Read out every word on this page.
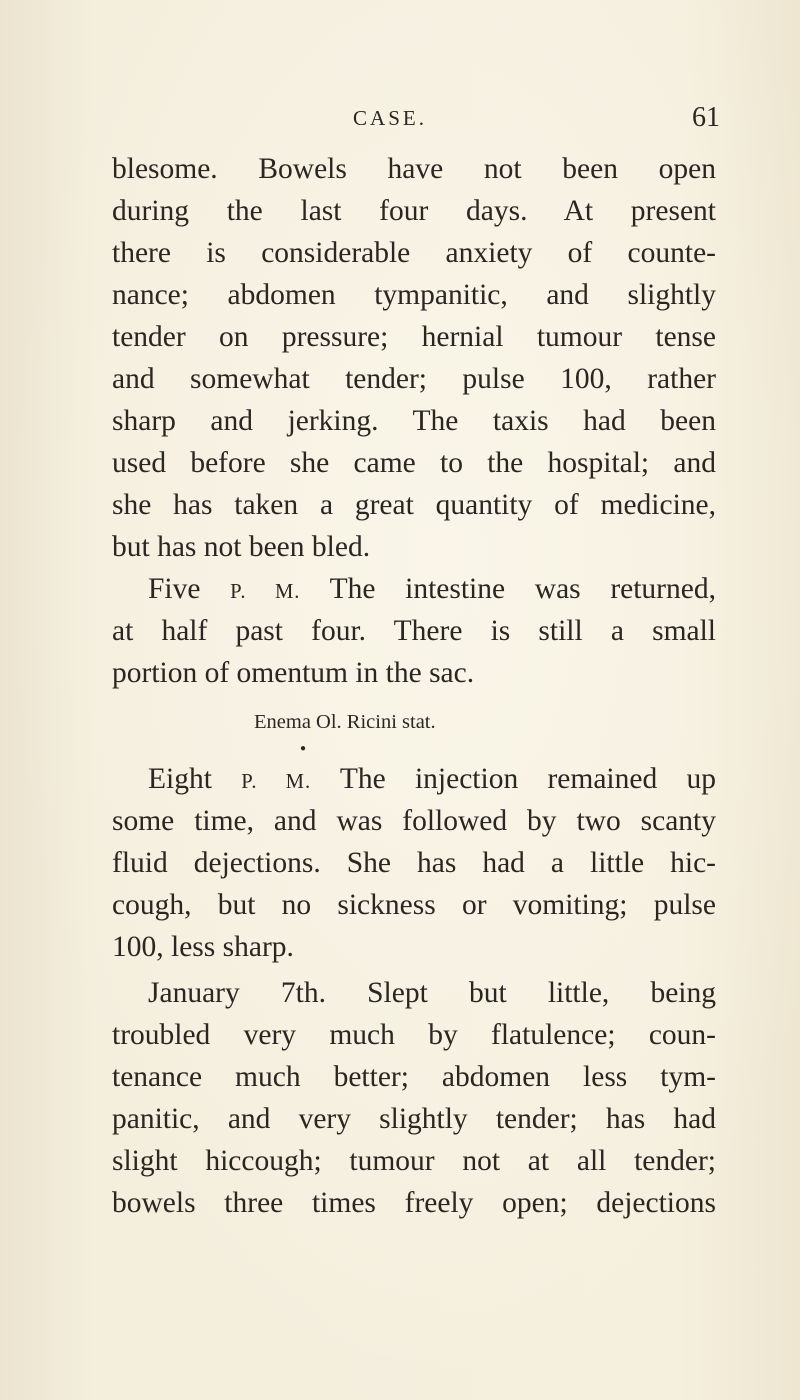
CASE.	61
blesome. Bowels have not been open
during the last four days. At present
there is considerable anxiety of counte-
nance; abdomen tympanitic, and slightly
tender on pressure; hernial tumour tense
and somewhat tender; pulse 100, rather
sharp and jerking. The taxis had been
used before she came to the hospital; and
she has taken a great quantity of medicine,
but has not been bled.
Five P. M. The intestine was returned,
at half past four. There is still a small
portion of omentum in the sac.
Enema Ol. Ricini stat.
●
Eight P. M. The injection remained up
some time, and was followed by two scanty
fluid dejections. She has had a little hic-
cough, but no sickness or vomiting; pulse
100, less sharp.
January 7th. Slept but little, being
troubled very much by flatulence; coun-
tenance much better; abdomen less tym-
panitic, and very slightly tender; has had
slight hiccough; tumour not at all tender;
bowels three times freely open; dejections
